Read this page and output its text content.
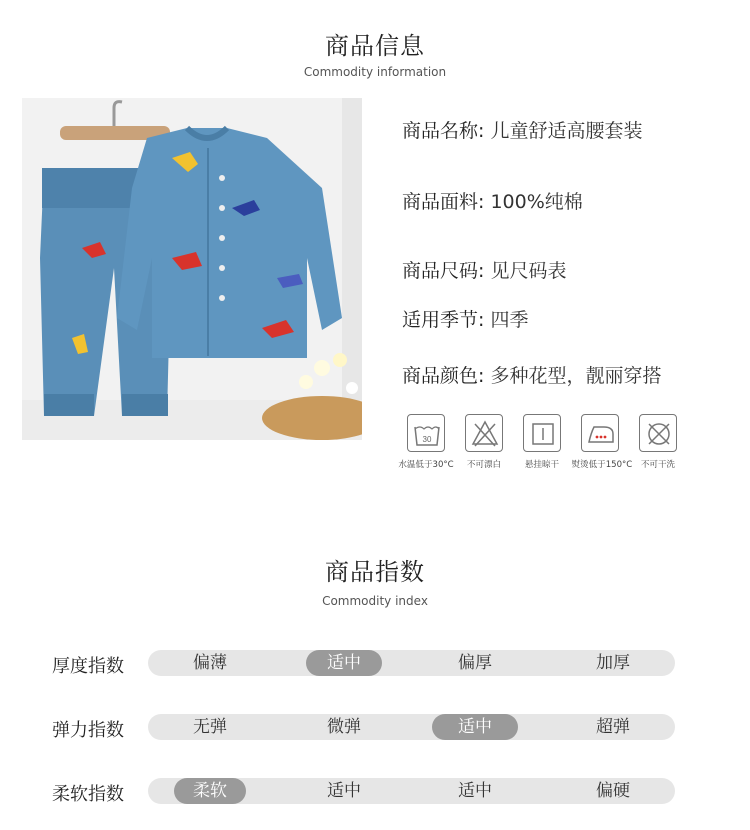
商品信息
Commodity information
商品名称: 儿童舒适高腰套装
商品面料: 100%纯棉
商品尺码: 见尺码表
适用季节: 四季
商品颜色: 多种花型，靓丽穿搭
30
水温低于30°C	不可漂白	悬挂晾干	熨烫低于150°C 不可干洗
商品指数
Commodity index
厚度指数	偏薄	适中	偏厚	加厚
弹力指数	无弹	微弹	适中	超弹
柔软指数	柔软	适中	适中	偏硬
